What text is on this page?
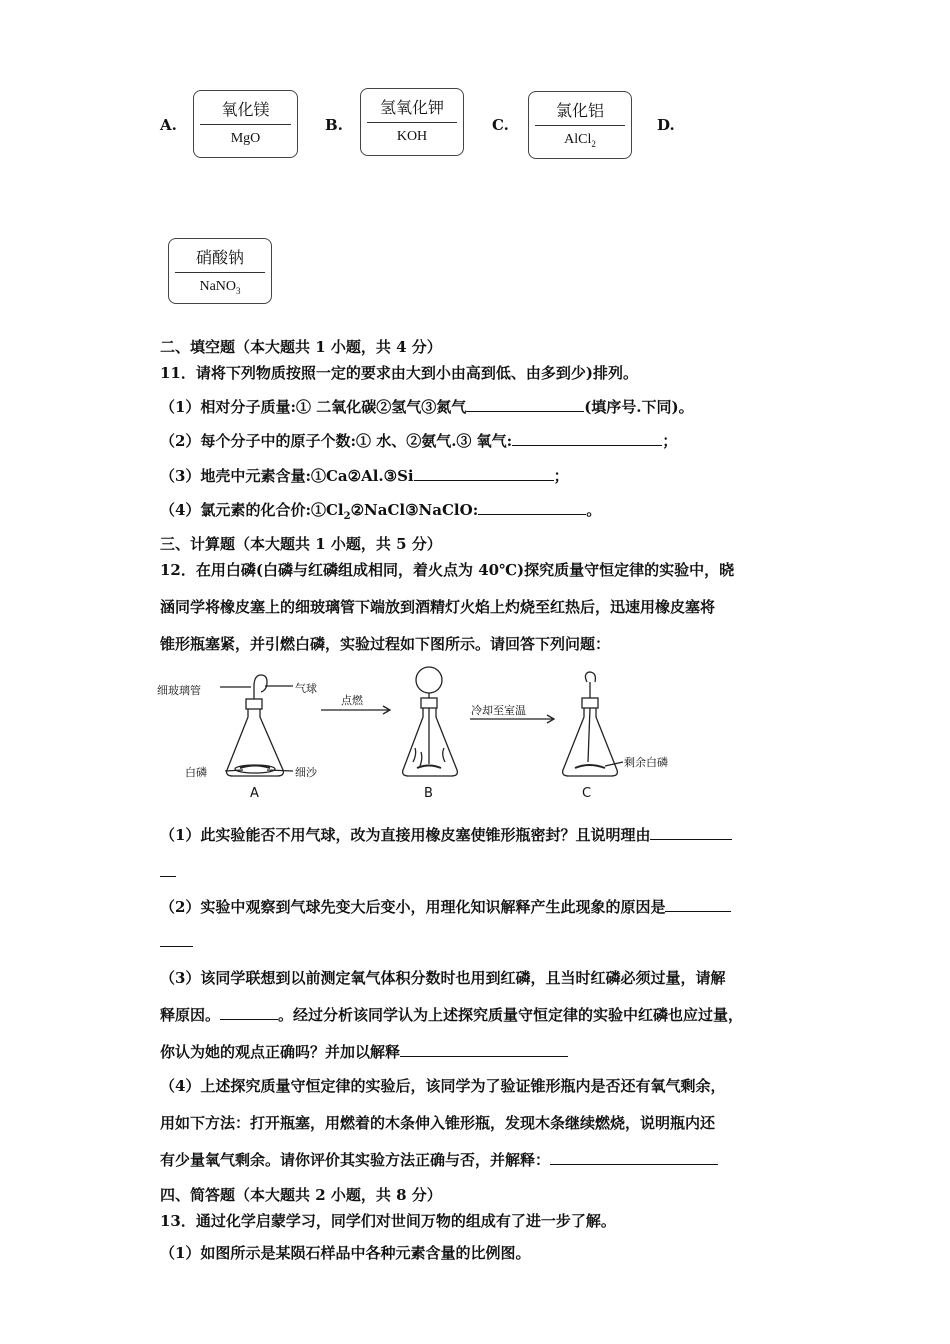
A.
氧化镁
MgO
B.
氢氧化钾
KOH
C.
氯化铝
AlCl$_2$
D.
硝酸钠
NaNO$_3$
二、填空题（本大题共 1 小题，共 4 分）
11．请将下列物质按照一定的要求由大到小由高到低、由多到少)排列。
（1）相对分子质量:① 二氧化碳②氢气③氮气	(填序号.下同)。
（2）每个分子中的原子个数:① 水、②氨气.③ 氧气:	；
（3）地壳中元素含量:①Ca②Al.③Si	；
（4）氯元素的化合价$:①Cl_2②NaCl③NaClO$:	。
三、计算题（本大题共 1 小题，共 5 分）
12．在用白磷(白磷与红磷组成相同，着火点为 40℃)探究质量守恒定律的实验中，晓
涵同学将橡皮塞上的细玻璃管下端放到酒精灯火焰上灼烧至红热后，迅速用橡皮塞将
锥形瓶塞紧，并引燃白磷，实验过程如下图所示。请回答下列问题：
细玻璃管	气球
白磷	细沙
点燃
冷却至室温
剩余白磷
A	B	C
（1）此实验能否不用气球，改为直接用橡皮塞使锥形瓶密封？且说明理由
（2）实验中观察到气球先变大后变小，用理化知识解释产生此现象的原因是
（3）该同学联想到以前测定氧气体积分数时也用到红磷，且当时红磷必须过量，请解
释原因。	。经过分析该同学认为上述探究质量守恒定律的实验中红磷也应过量，
你认为她的观点正确吗？并加以解释
（4）上述探究质量守恒定律的实验后，该同学为了验证锥形瓶内是否还有氧气剩余，
用如下方法：打开瓶塞，用燃着的木条伸入锥形瓶，发现木条继续燃烧，说明瓶内还
有少量氧气剩余。请你评价其实验方法正确与否，并解释：
四、简答题（本大题共 2 小题，共 8 分）
13．通过化学启蒙学习，同学们对世间万物的组成有了进一步了解。
（1）如图所示是某陨石样品中各种元素含量的比例图。
